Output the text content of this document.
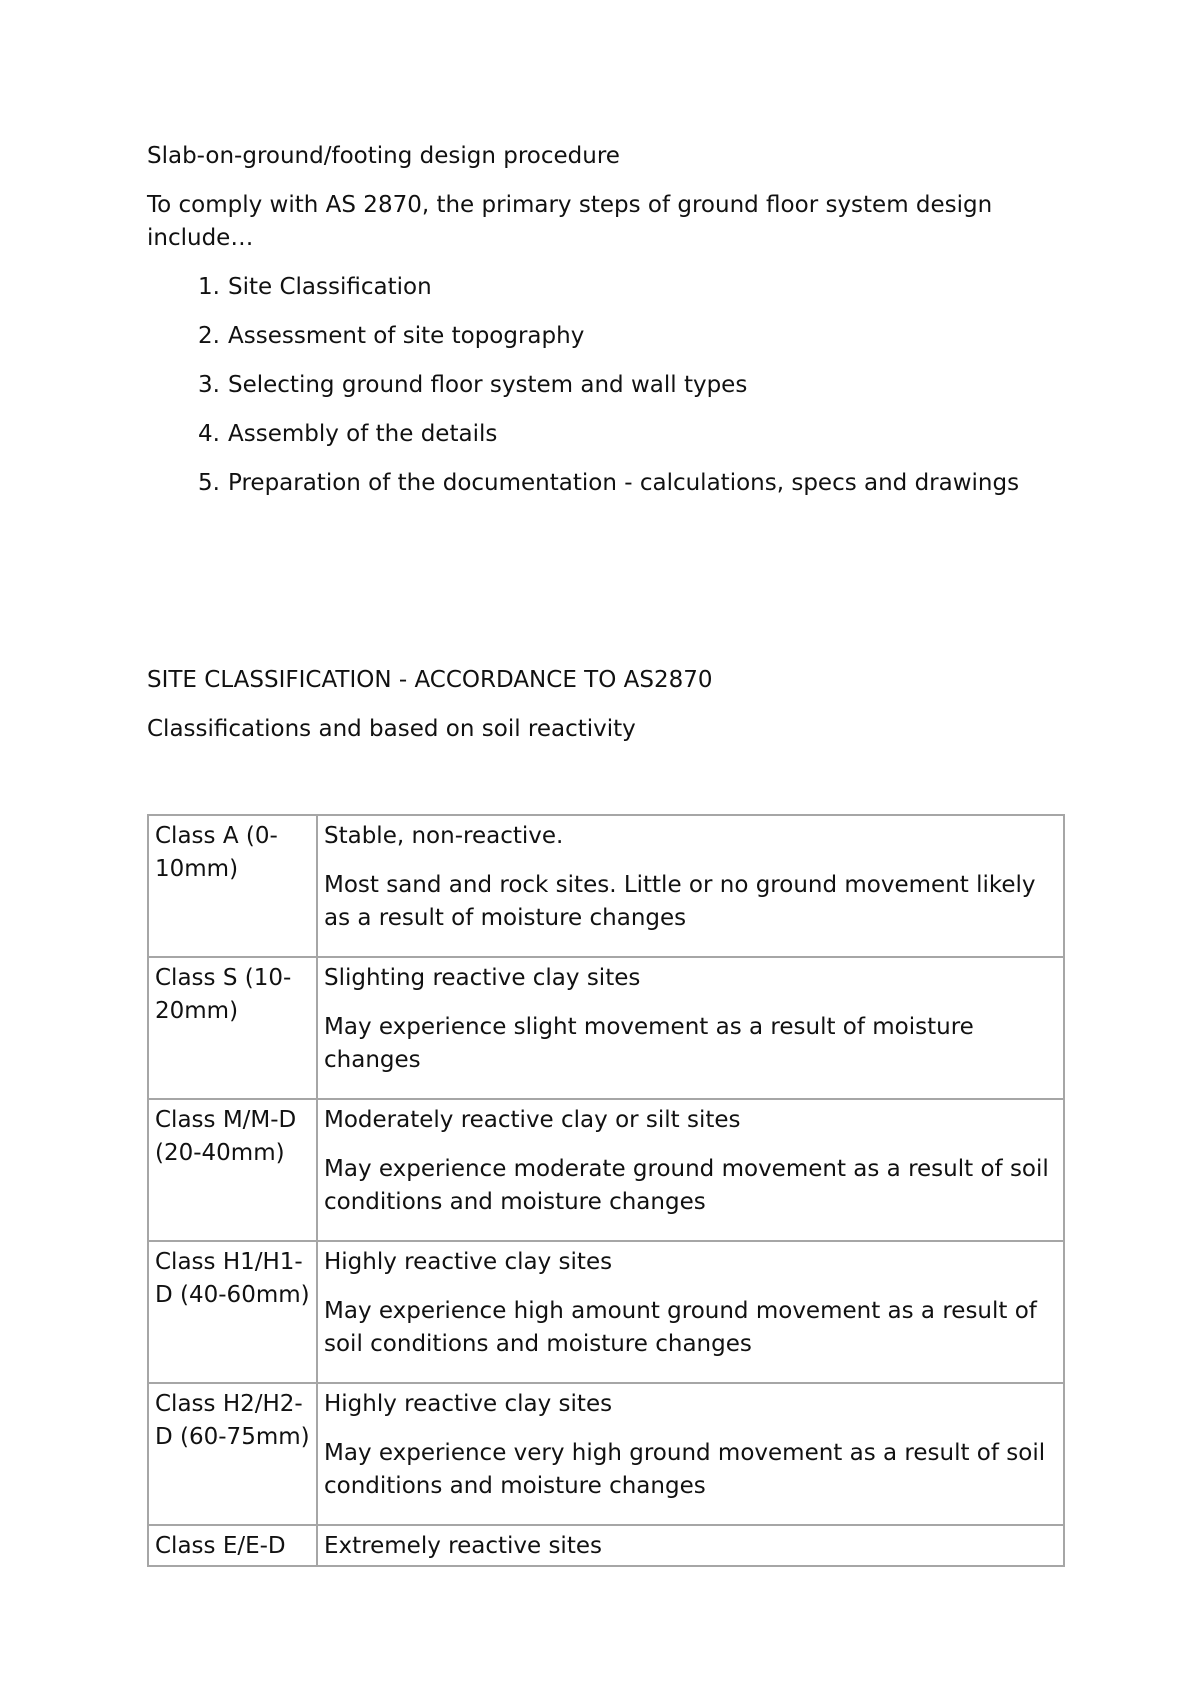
Slab-on-ground/footing design procedure

To comply with AS 2870, the primary steps of ground floor system design include…

1. Site Classification
2. Assessment of site topography
3. Selecting ground floor system and wall types
4. Assembly of the details
5. Preparation of the documentation - calculations, specs and drawings

SITE CLASSIFICATION - ACCORDANCE TO AS2870

Classifications and based on soil reactivity

Class A (0-10mm)	Stable, non-reactive.

Most sand and rock sites. Little or no ground movement likely as a result of moisture changes

Class S (10-20mm)	Slighting reactive clay sites

May experience slight movement as a result of moisture changes

Class M/M-D (20-40mm)	Moderately reactive clay or silt sites

May experience moderate ground movement as a result of soil conditions and moisture changes

Class H1/H1-D (40-60mm)	Highly reactive clay sites

May experience high amount ground movement as a result of soil conditions and moisture changes

Class H2/H2-D (60-75mm)	Highly reactive clay sites

May experience very high ground movement as a result of soil conditions and moisture changes

Class E/E-D	Extremely reactive sites
